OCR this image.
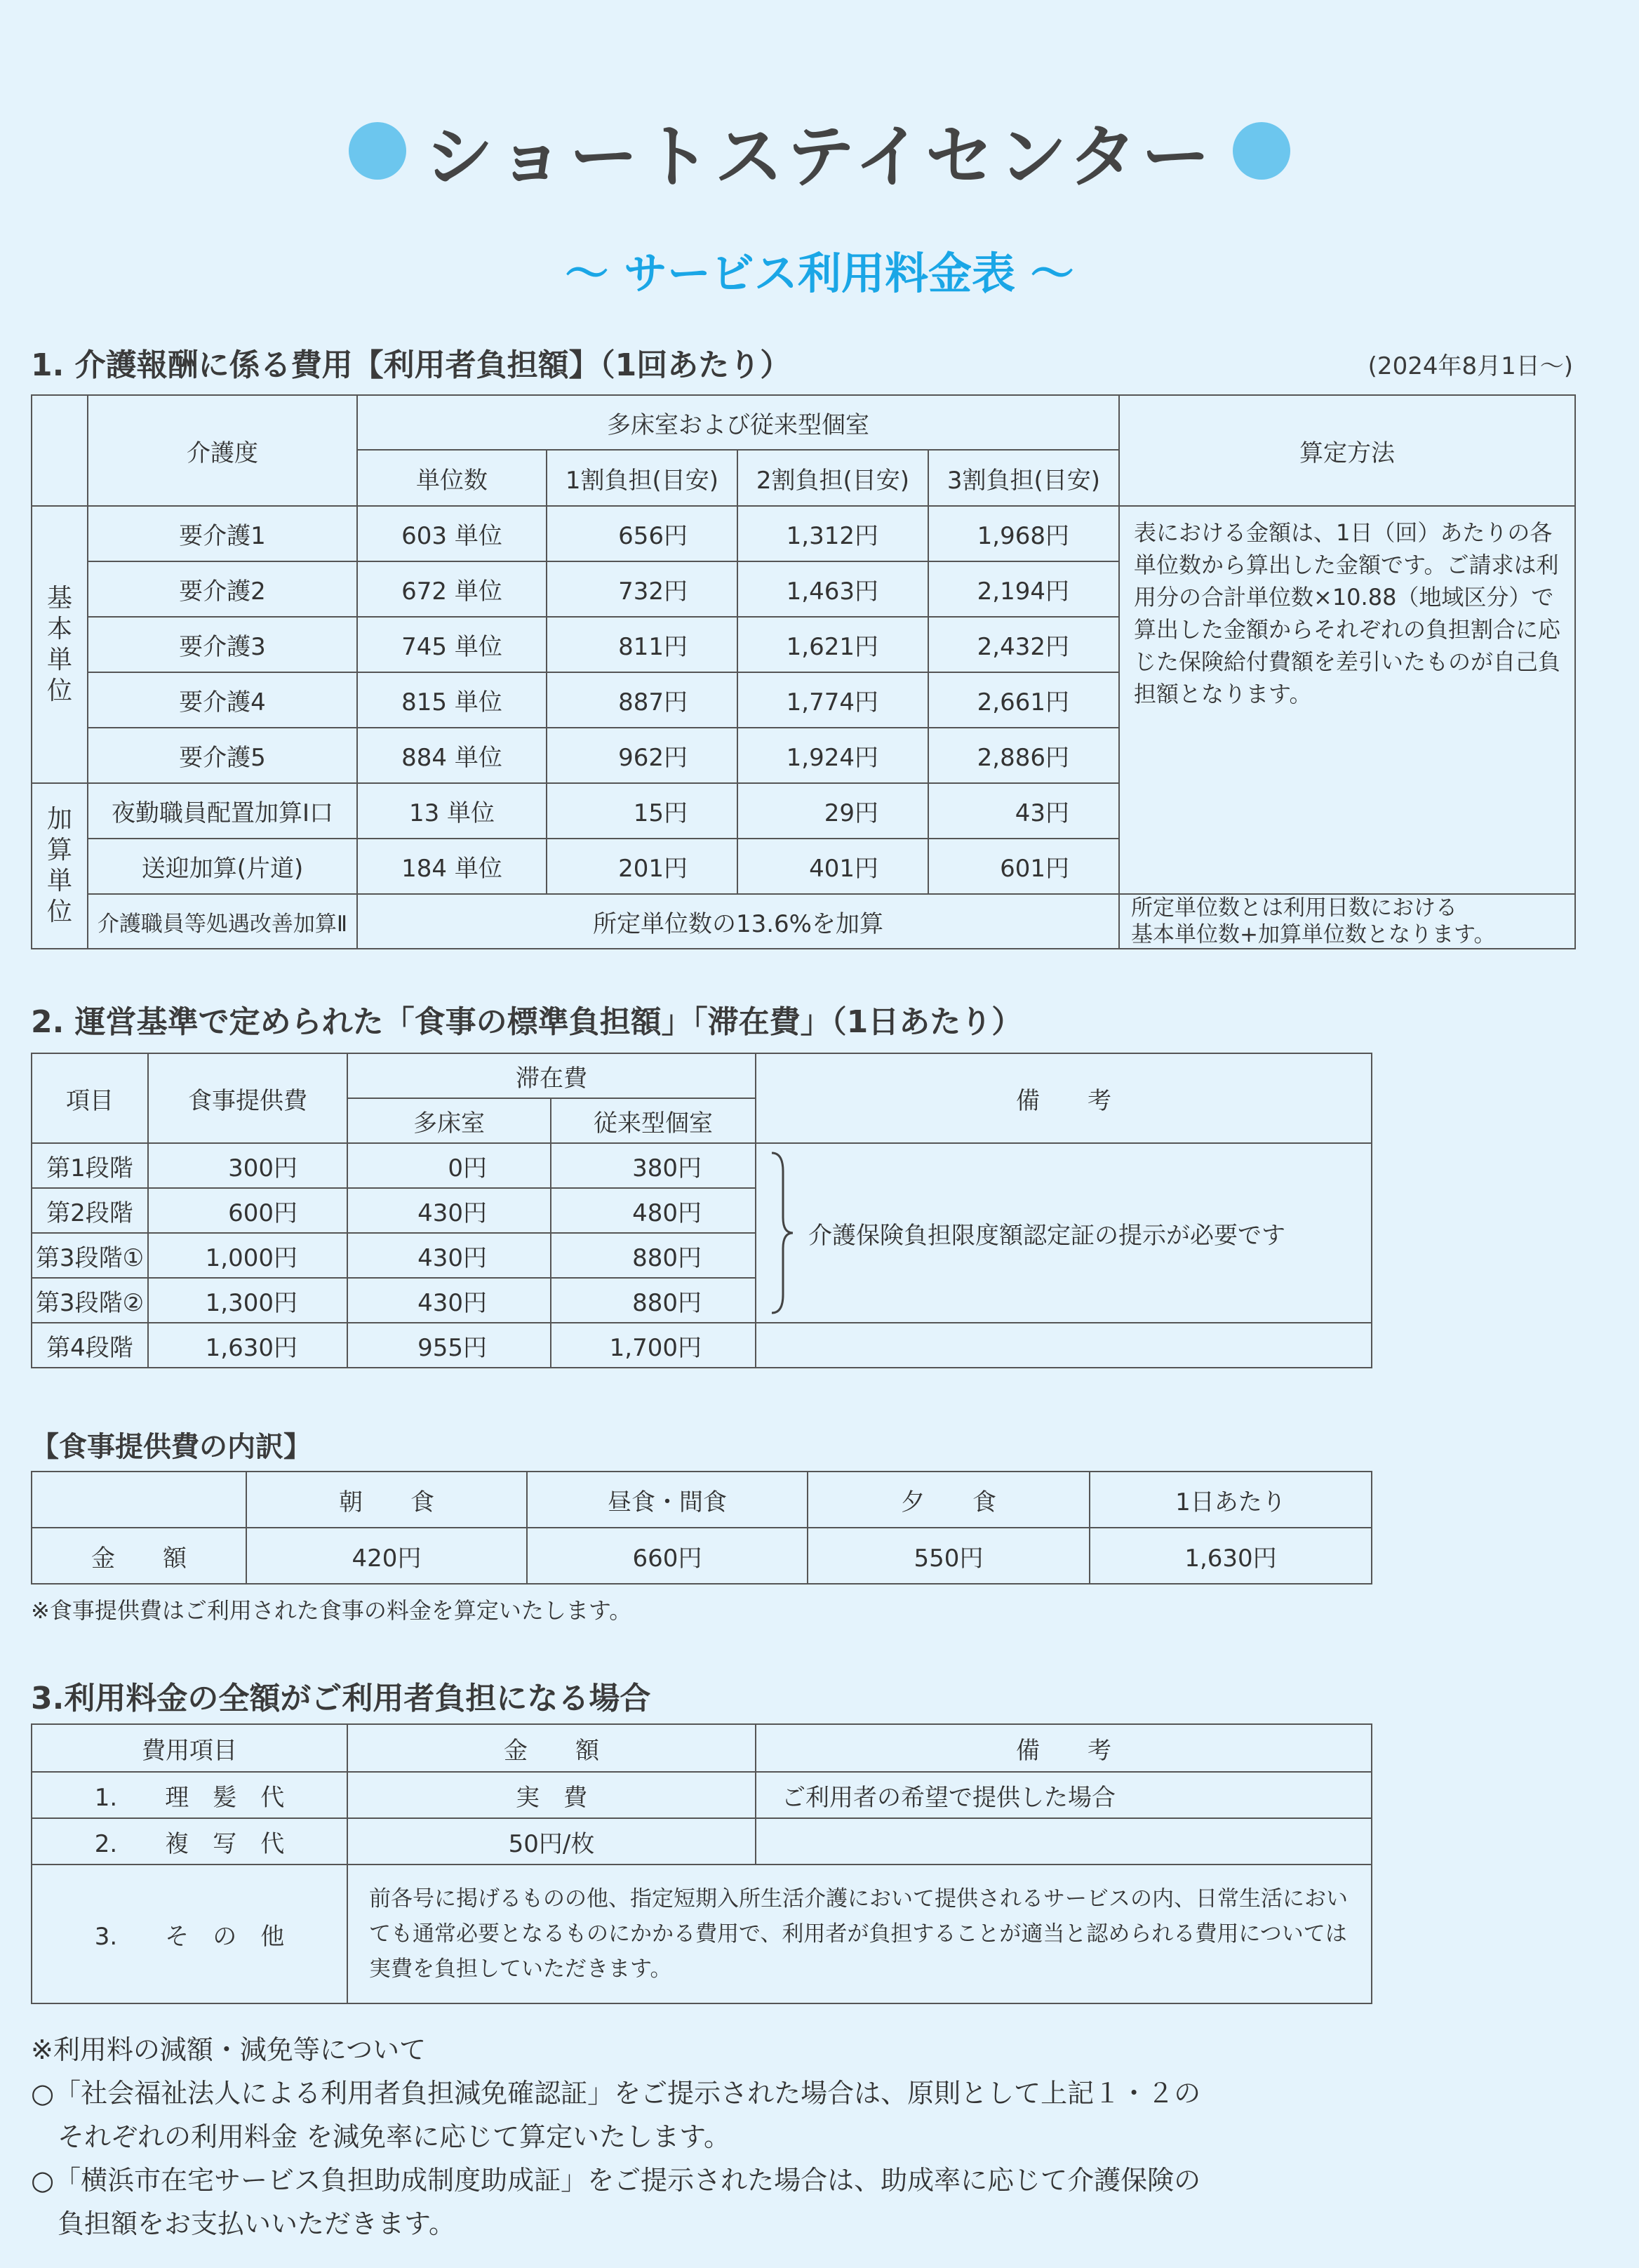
ショートステイセンター
〜 サービス利用料金表 〜
1. 介護報酬に係る費用【利用者負担額】（1回あたり）	(2024年8月1日〜)
	介護度	多床室および従来型個室				算定方法
		単位数	1割負担(目安)	2割負担(目安)	3割負担(目安)	

基本単位	要介護1	603 単位	656円	1,312円	1,968円	表における金額は、1日（回）あたりの各単位数から算出した金額です。ご請求は利用分の合計単位数×10.88（地域区分）で算出した金額からそれぞれの負担割合に応じた保険給付費額を差引いたものが自己負担額となります。
	要介護2	672 単位	732円	1,463円	2,194円	
	要介護3	745 単位	811円	1,621円	2,432円	
	要介護4	815 単位	887円	1,774円	2,661円	
	要介護5	884 単位	962円	1,924円	2,886円	

加算単位	夜勤職員配置加算Ⅰ口	13 単位	15円	29円	43円	
	送迎加算(片道)	184 単位	201円	401円	601円	
	介護職員等処遇改善加算Ⅱ	所定単位数の13.6%を加算				所定単位数とは利用日数における
基本単位数+加算単位数となります。
2. 運営基準で定められた「食事の標準負担額」「滞在費」（1日あたり）
項目	食事提供費	滞在費		備　　考
		多床室	従来型個室	
第1段階	300円	0円	380円	介護保険負担限度額認定証の提示が必要です

第2段階	600円	430円	480円	
第3段階①	1,000円	430円	880円	
第3段階②	1,300円	430円	880円	
第4段階	1,630円	955円	1,700円	
【食事提供費の内訳】
	朝　　食	昼食・間食	夕　　食	1日あたり
金　　額	420円	660円	550円	1,630円
※食事提供費はご利用された食事の料金を算定いたします。
3.利用料金の全額がご利用者負担になる場合
費用項目	金　　額	備　　考
1.　　理　髪　代	実　費	ご利用者の希望で提供した場合
2.　　複　写　代	50円/枚	
3.　　そ　の　他	前各号に掲げるものの他、指定短期入所生活介護において提供されるサービスの内、日常生活においても通常必要となるものにかかる費用で、利用者が負担することが適当と認められる費用については実費を負担していただきます。	
※利用料の減額・減免等について
○「社会福祉法人による利用者負担減免確認証」をご提示された場合は、原則として上記１・２の
　それぞれの利用料金 を減免率に応じて算定いたします。
○「横浜市在宅サービス負担助成制度助成証」をご提示された場合は、助成率に応じて介護保険の
　負担額をお支払いいただきます。
